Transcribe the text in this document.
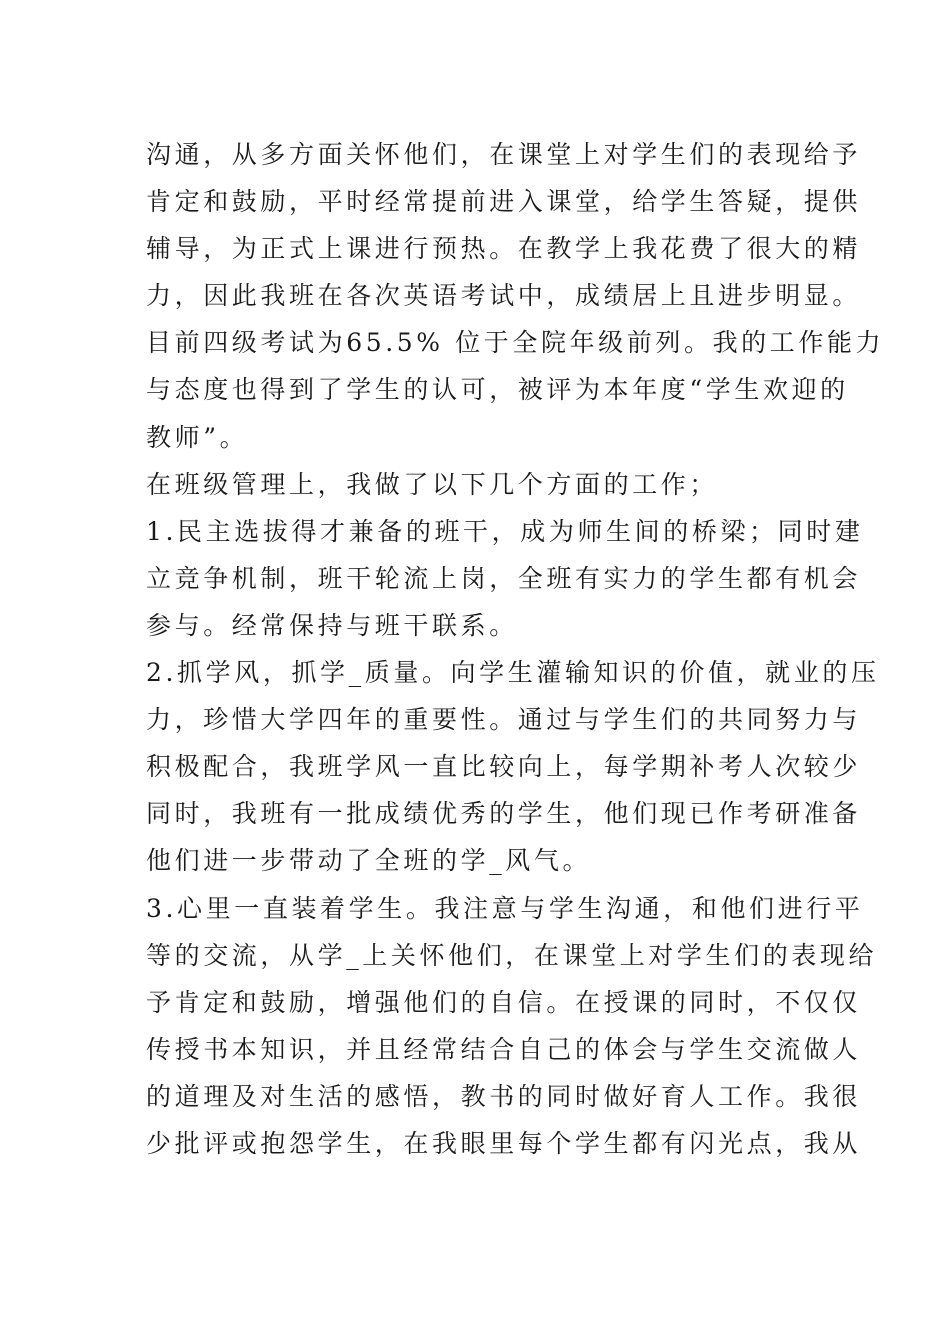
沟通，从多方面关怀他们，在课堂上对学生们的表现给予
肯定和鼓励，平时经常提前进入课堂，给学生答疑，提供
辅导，为正式上课进行预热。在教学上我花费了很大的精
力，因此我班在各次英语考试中，成绩居上且进步明显。
目前四级考试为65.5% 位于全院年级前列。我的工作能力
与态度也得到了学生的认可，被评为本年度“学生欢迎的
教师”。
在班级管理上，我做了以下几个方面的工作；
1.民主选拔得才兼备的班干，成为师生间的桥梁；同时建
立竞争机制，班干轮流上岗，全班有实力的学生都有机会
参与。经常保持与班干联系。
2.抓学风，抓学_质量。向学生灌输知识的价值，就业的压
力，珍惜大学四年的重要性。通过与学生们的共同努力与
积极配合，我班学风一直比较向上，每学期补考人次较少
同时，我班有一批成绩优秀的学生，他们现已作考研准备
他们进一步带动了全班的学_风气。
3.心里一直装着学生。我注意与学生沟通，和他们进行平
等的交流，从学_上关怀他们，在课堂上对学生们的表现给
予肯定和鼓励，增强他们的自信。在授课的同时，不仅仅
传授书本知识，并且经常结合自己的体会与学生交流做人
的道理及对生活的感悟，教书的同时做好育人工作。我很
少批评或抱怨学生，在我眼里每个学生都有闪光点，我从
